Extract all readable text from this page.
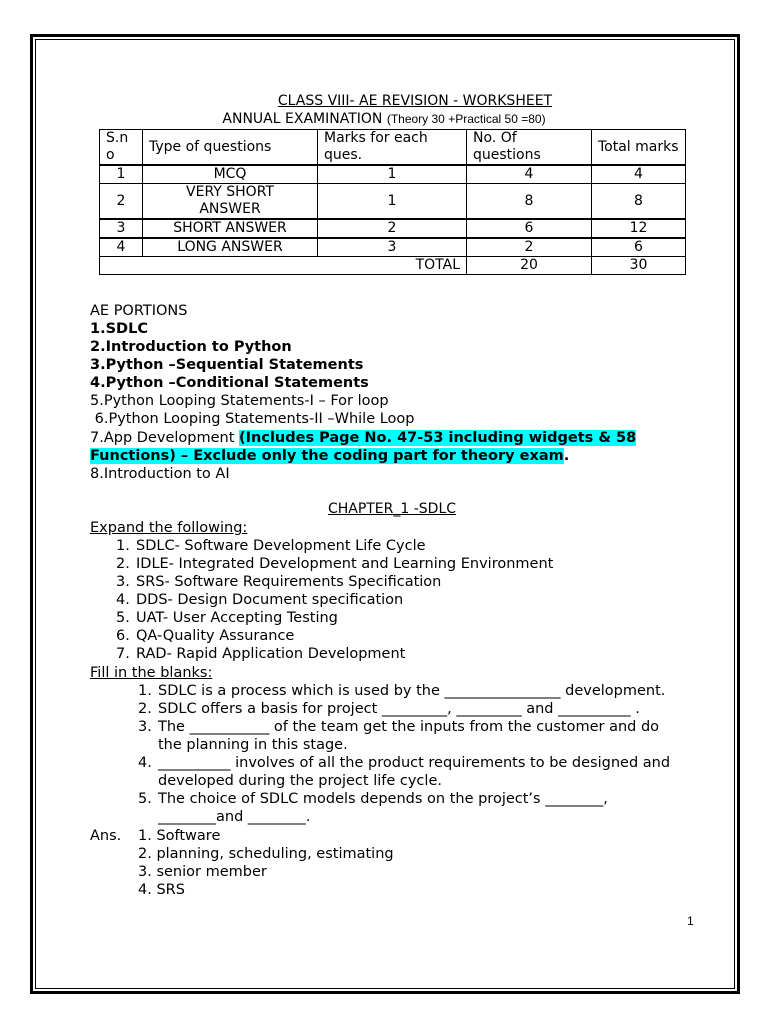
CLASS VIII- AE REVISION - WORKSHEET
ANNUAL EXAMINATION (Theory 30 +Practical 50 =80)
S.n o	Type of questions	Marks for each ques.	No. Of questions	Total marks
1	MCQ	1	4	4
2	VERY SHORT ANSWER	1	8	8
3	SHORT ANSWER	2	6	12
4	LONG ANSWER	3	2	6
TOTAL			20	30
AE PORTIONS
1.SDLC
2.Introduction to Python
3.Python –Sequential Statements
4.Python –Conditional Statements
5.Python Looping Statements-I – For loop
6.Python Looping Statements-II –While Loop
7.App Development (Includes Page No. 47-53 including widgets & 58
Functions) – Exclude only the coding part for theory exam.
8.Introduction to AI
CHAPTER_1 -SDLC
Expand the following:
1. SDLC- Software Development Life Cycle
2. IDLE- Integrated Development and Learning Environment
3. SRS- Software Requirements Specification
4. DDS- Design Document specification
5. UAT- User Accepting Testing
6. QA-Quality Assurance
7. RAD- Rapid Application Development
Fill in the blanks:
1. SDLC is a process which is used by the ________________ development.
2. SDLC offers a basis for project _________, _________ and __________ .
3. The ___________ of the team get the inputs from the customer and do
the planning in this stage.
4. __________ involves of all the product requirements to be designed and
developed during the project life cycle.
5. The choice of SDLC models depends on the project’s ________,
________and ________.
Ans. 1. Software
2. planning, scheduling, estimating
3. senior member
4. SRS
1
